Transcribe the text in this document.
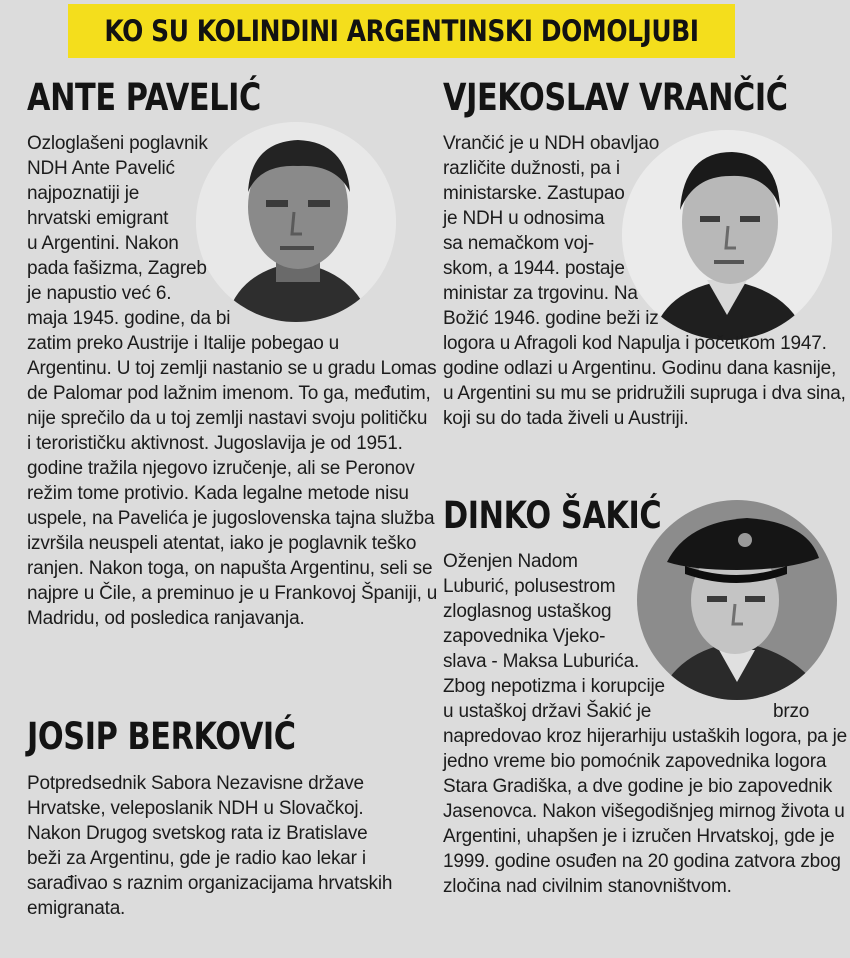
KO SU KOLINDINI ARGENTINSKI DOMOLJUBI
ANTE PAVELIĆ

Ozloglašeni poglavnik
NDH Ante Pavelić
najpoznatiji je
hrvatski emigrant
u Argentini. Nakon
pada fašizma, Zagreb
je napustio već 6.
maja 1945. godine, da bi
zatim preko Austrije i Italije pobegao u
Argentinu. U toj zemlji nastanio se u gradu Lomas
de Palomar pod lažnim imenom. To ga, međutim,
nije sprečilo da u toj zemlji nastavi svoju političku
i terorističku aktivnost. Jugoslavija je od 1951.
godine tražila njegovo izručenje, ali se Peronov
režim tome protivio. Kada legalne metode nisu
uspele, na Pavelića je jugoslovenska tajna služba
izvršila neuspeli atentat, iako je poglavnik teško
ranjen. Nakon toga, on napušta Argentinu, seli se
najpre u Čile, a preminuo je u Frankovoj Španiji, u
Madridu, od posledica ranjavanja.

VJEKOSLAV VRANČIĆ

Vrančić je u NDH obavljao
različite dužnosti, pa i
ministarske. Zastupao
je NDH u odnosima
sa nemačkom voj-
skom, a 1944. postaje
ministar za trgovinu. Na
Božić 1946. godine beži iz
logora u Afragoli kod Napulja i početkom 1947.
godine odlazi u Argentinu. Godinu dana kasnije,
u Argentini su mu se pridružili supruga i dva sina,
koji su do tada živeli u Austriji.

DINKO ŠAKIĆ

Oženjen Nadom
Luburić, polusestrom
zloglasnog ustaškog
zapovednika Vjeko-
slava - Maksa Luburića.
Zbog nepotizma i korupcije
u ustaškoj državi Šakić je                        brzo
napredovao kroz hijerarhiju ustaških logora, pa je
jedno vreme bio pomoćnik zapovednika logora
Stara Gradiška, a dve godine je bio zapovednik
Jasenovca. Nakon višegodišnjeg mirnog života u
Argentini, uhapšen je i izručen Hrvatskoj, gde je
1999. godine osuđen na 20 godina zatvora zbog
zločina nad civilnim stanovništvom.

JOSIP BERKOVIĆ

Potpredsednik Sabora Nezavisne države
Hrvatske, veleposlanik NDH u Slovačkoj.
Nakon Drugog svetskog rata iz Bratislave
beži za Argentinu, gde je radio kao lekar i
sarađivao s raznim organizacijama hrvatskih
emigranata.
